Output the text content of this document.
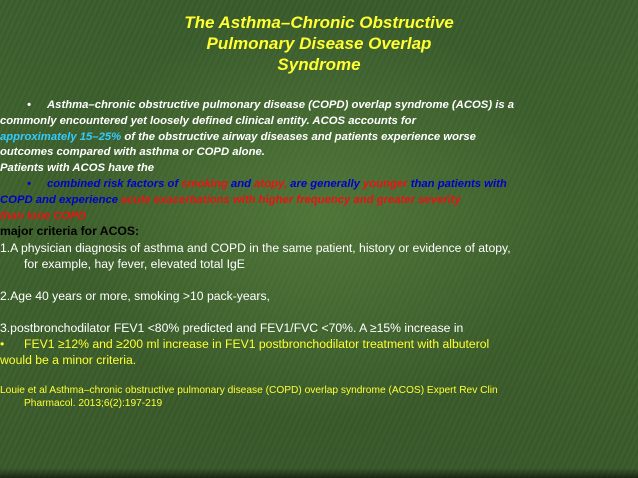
The Asthma–Chronic Obstructive
Pulmonary Disease Overlap
Syndrome
• Asthma–chronic obstructive pulmonary disease (COPD) overlap syndrome (ACOS) is a
commonly encountered yet loosely defined clinical entity. ACOS accounts for
approximately 15–25% of the obstructive airway diseases and patients experience worse
outcomes compared with asthma or COPD alone.
Patients with ACOS have the
• combined risk factors of smoking and atopy, are generally younger than patients with
COPD and experience acute exacerbations with higher frequency and greater severity
than lone COPD
major criteria for ACOS:
1.A physician diagnosis of asthma and COPD in the same patient, history or evidence of atopy,
for example, hay fever, elevated total IgE
2.Age 40 years or more, smoking >10 pack-years,
3.postbronchodilator FEV1 <80% predicted and FEV1/FVC <70%. A ≥15% increase in
• FEV1 ≥12% and ≥200 ml increase in FEV1 postbronchodilator treatment with albuterol
would be a minor criteria.
Louie et al Asthma–chronic obstructive pulmonary disease (COPD) overlap syndrome (ACOS) Expert Rev Clin
Pharmacol. 2013;6(2):197-219
